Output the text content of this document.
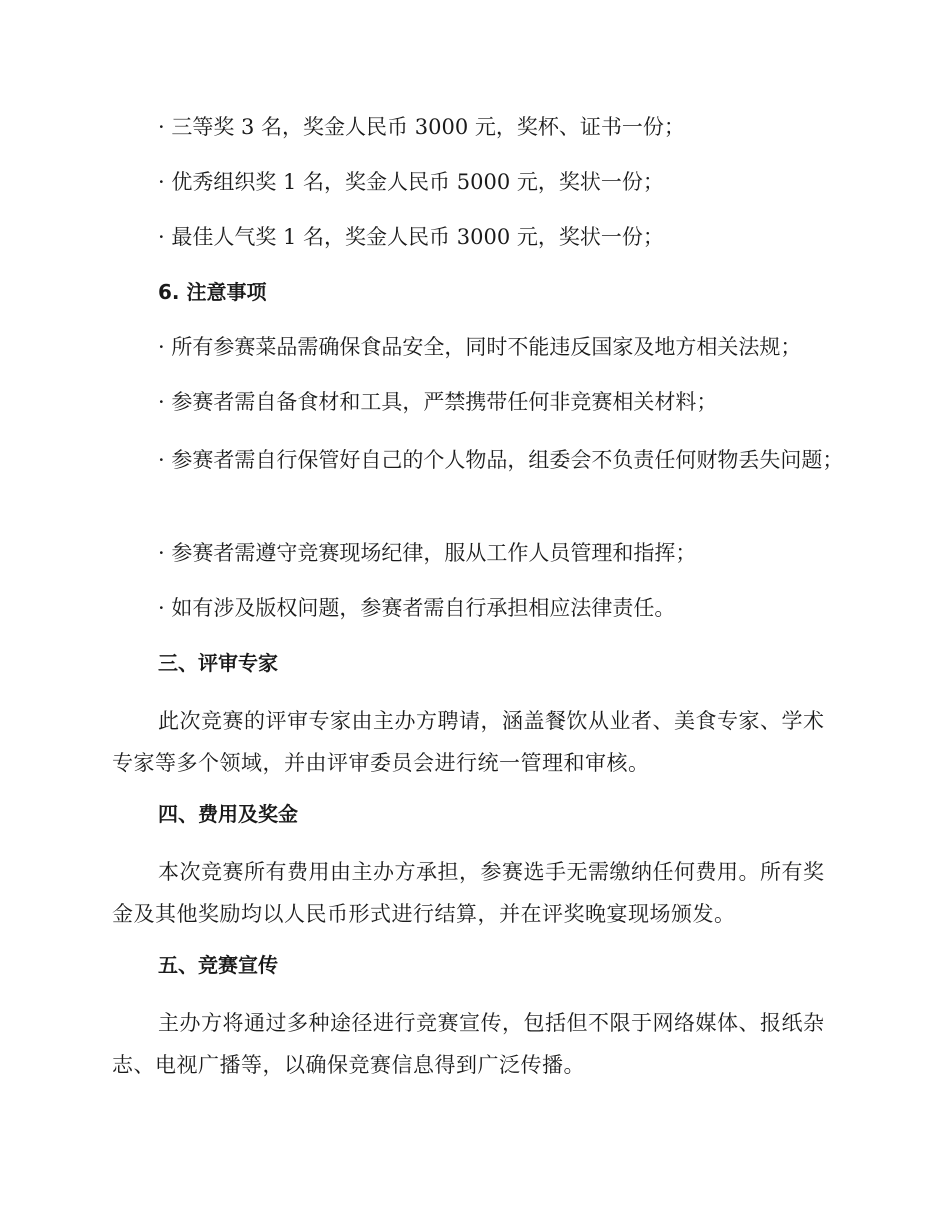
· 三等奖 3 名，奖金人民币 3000 元，奖杯、证书一份；
· 优秀组织奖 1 名，奖金人民币 5000 元，奖状一份；
· 最佳人气奖 1 名，奖金人民币 3000 元，奖状一份；
6. 注意事项
· 所有参赛菜品需确保食品安全，同时不能违反国家及地方相关法规；
· 参赛者需自备食材和工具，严禁携带任何非竞赛相关材料；
· 参赛者需自行保管好自己的个人物品，组委会不负责任何财物丢失问题；
· 参赛者需遵守竞赛现场纪律，服从工作人员管理和指挥；
· 如有涉及版权问题，参赛者需自行承担相应法律责任。
三、评审专家
此次竞赛的评审专家由主办方聘请，涵盖餐饮从业者、美食专家、学术专家等多个领域，并由评审委员会进行统一管理和审核。
四、费用及奖金
本次竞赛所有费用由主办方承担，参赛选手无需缴纳任何费用。所有奖金及其他奖励均以人民币形式进行结算，并在评奖晚宴现场颁发。
五、竞赛宣传
主办方将通过多种途径进行竞赛宣传，包括但不限于网络媒体、报纸杂志、电视广播等，以确保竞赛信息得到广泛传播。
